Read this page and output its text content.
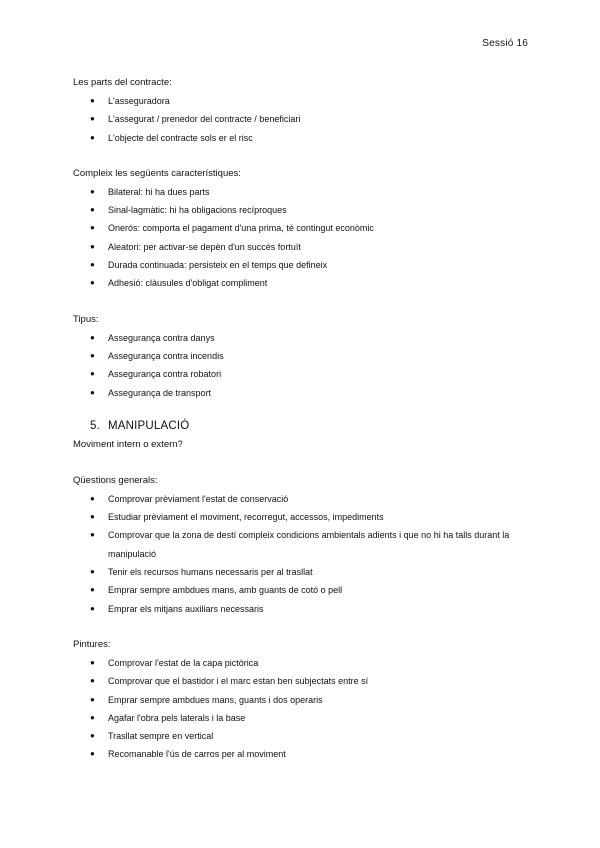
Sessió 16

Les parts del contracte:

● L'asseguradora
● L'assegurat / prenedor del contracte / beneficiari
● L'objecte del contracte sols er el risc

Compleix les següents característiques:

● Bilateral: hi ha dues parts
● Sinal-lagmàtic: hi ha obligacions recíproques
● Onerós: comporta el pagament d'una prima, té contingut econòmic
● Aleatori: per activar-se depèn d'un succés fortuït
● Durada continuada: persisteix en el temps que defineix
● Adhesió: clàusules d'obligat compliment

Tipus:

● Assegurança contra danys
● Assegurança contra incendis
● Assegurança contra robatori
● Assegurança de transport

5. MANIPULACIÓ

Moviment intern o extern?

Qüestions generals:

● Comprovar prèviament l'estat de conservació
● Estudiar prèviament el moviment, recorregut, accessos, impediments
● Comprovar que la zona de destí compleix condicions ambientals adients i que no hi ha talls durant la manipulació
● Tenir els recursos humans necessaris per al trasllat
● Emprar sempre ambdues mans, amb guants de cotó o pell
● Emprar els mitjans auxiliars necessaris

Pintures:

● Comprovar l'estat de la capa pictòrica
● Comprovar que el bastidor i el marc estan ben subjectats entre sí
● Emprar sempre ambdues mans, guants i dos operaris
● Agafar l'obra pels laterals i la base
● Trasllat sempre en vertical
● Recomanable l'ús de carros per al moviment
